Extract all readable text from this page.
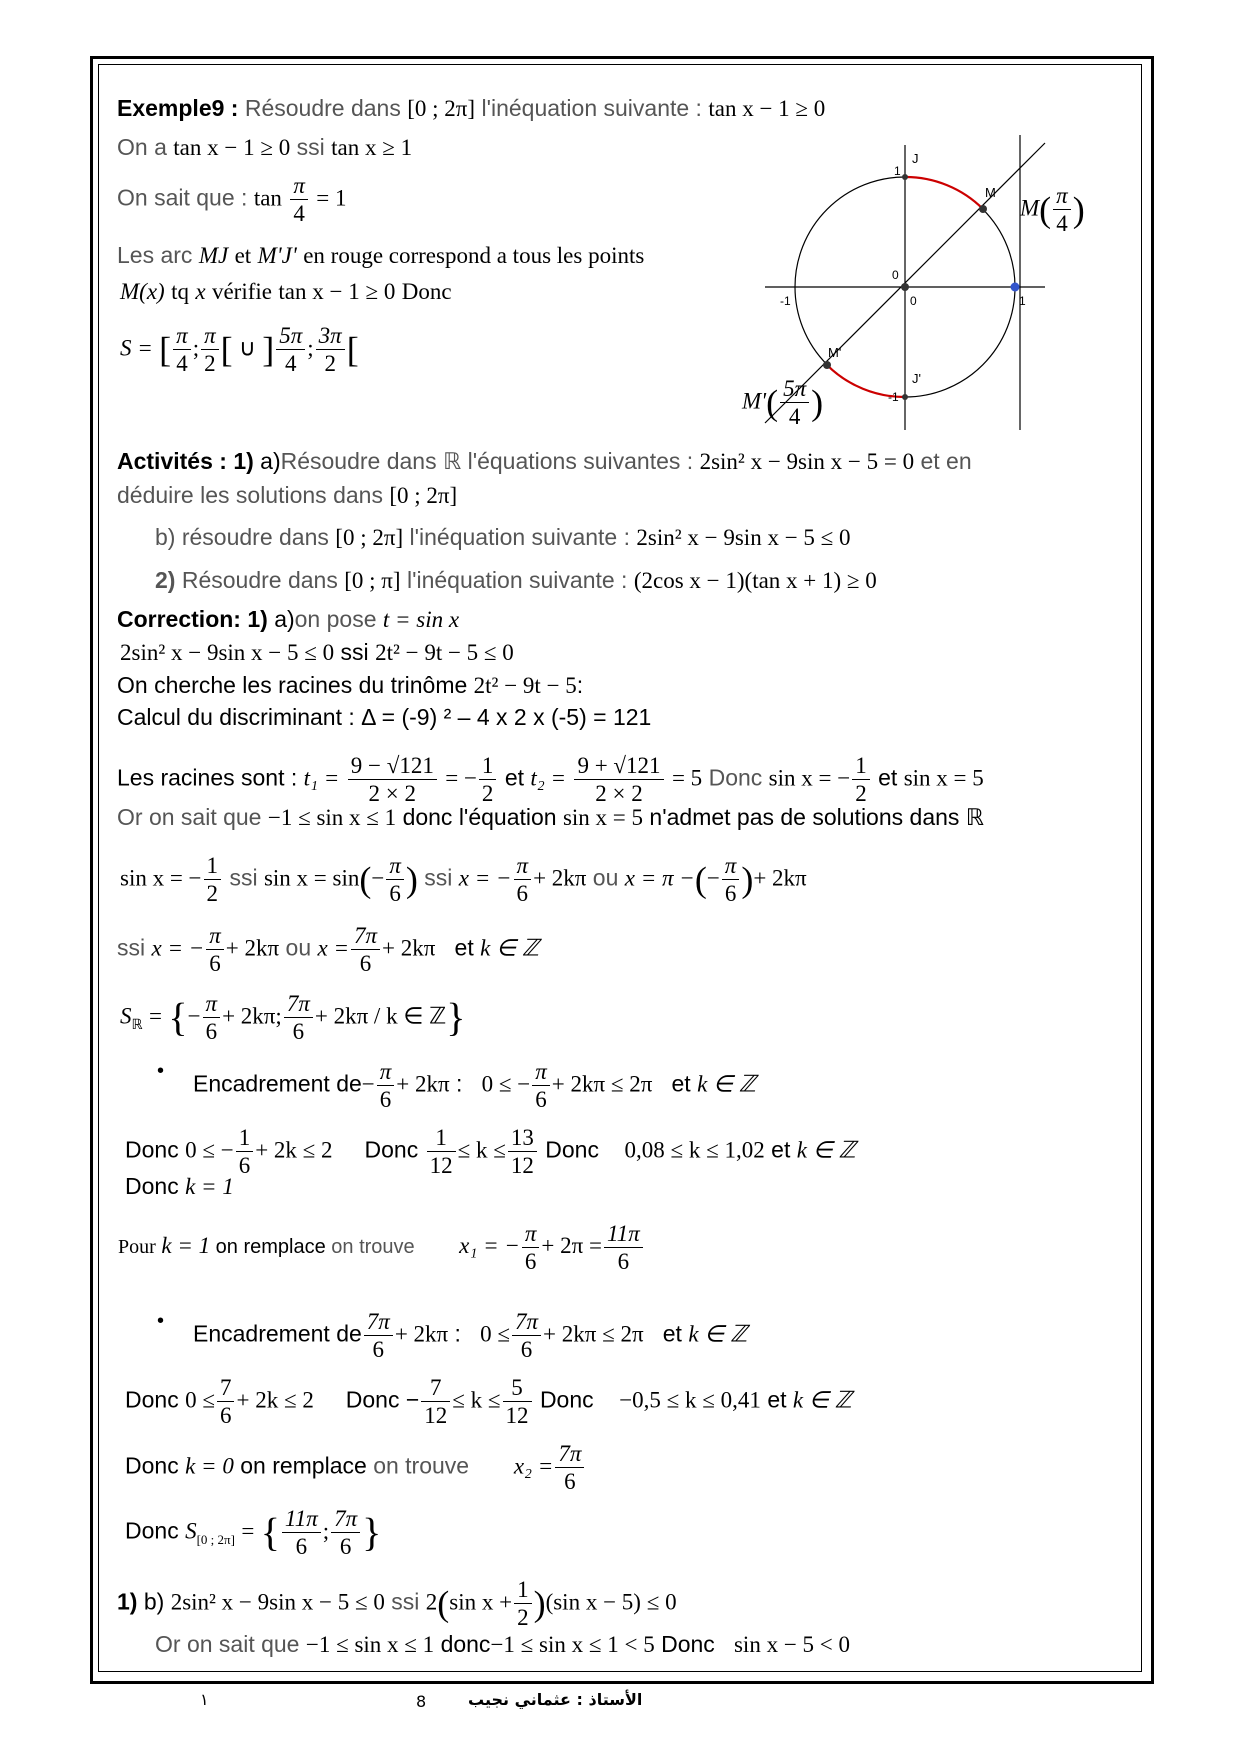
Exemple9 : Résoudre dans [0 ; 2π] l'inéquation suivante : tan x − 1 ≥ 0
On a tan x − 1 ≥ 0 ssi tan x ≥ 1
On sait que : $\tan \frac{\pi}{4} = 1$
Les arc MJ et M'J' en rouge correspond a tous les points
M(x) tq x vérifie tan x − 1 ≥ 0 Donc
S = [ $\frac{\pi}{4}$ ; $\frac{\pi}{2}$ [ ∪ ] $\frac{5\pi}{4}$ ; $\frac{3\pi}{2}$ [
J
1
J'
-1
M
M'
0
0
-1	1
$M( \frac{\pi}{4}$ )
$M'( \frac{5\pi}{4}$ )
Activités : 1) a)Résoudre dans ℝ l'équations suivantes : 2sin² x − 9sin x − 5 = 0 et en
déduire les solutions dans [0 ; 2π]
b) résoudre dans [0 ; 2π] l'inéquation suivante : 2sin² x − 9sin x − 5 ≤ 0
2) Résoudre dans [0 ; π] l'inéquation suivante : (2cos x − 1)(tan x + 1) ≥ 0
Correction: 1) a)on pose t = sin x
2sin² x − 9sin x − 5 ≤ 0 ssi 2t² − 9t − 5 ≤ 0
On cherche les racines du trinôme 2t² − 9t − 5:
Calcul du discriminant : Δ = (-9) ² – 4 x 2 x (-5) = 121
Les racines sont : $t_1 = \frac{9 - √121}{2 \times 2}$ = − $\frac{1}{2}$ et $t_2 = \frac{9 + √121}{2 \times 2} = 5$ Donc sin x = − $\frac{1}{2}$ et sin x = 5
Or on sait que −1 ≤ sin x ≤ 1 donc l'équation sin x = 5 n'admet pas de solutions dans ℝ
sin x = − $\frac{1}{2}$ ssi $\sin x = \sin(- \frac{\pi}{6}$ ) ssi x = − $\frac{\pi}{6} + 2k\pi$ ou x = π −(− $\frac{\pi}{6}$ )+ 2kπ
ssi x = − $\frac{\pi}{6} + 2k\pi$ ou $x = \frac{7\pi}{6} + 2k\pi$ et k ∈ ℤ
$S_ℝ$ = {− $\frac{\pi}{6} + 2k\pi$; $\frac{7\pi}{6} + 2k\pi / k$ ∈ ℤ}
• Encadrement $de- \frac{\pi}{6} + 2k\pi$ : 0 ≤ − $\frac{\pi}{6} + 2k\pi \le 2\pi$ et k ∈ ℤ
Donc 0 ≤ − $\frac{1}{6} + 2k \le 2$ Donc $\frac{1}{12} \le k \le \frac{13}{12}$ Donc 0,08 ≤ k ≤ 1,02 et k ∈ ℤ
Donc k = 1
Pour k = 1 on remplace on trouve x₁ = − $\frac{\pi}{6} + 2\pi = \frac{11\pi}{6}$
• Encadrement de $\frac{7\pi}{6} + 2k\pi$ : $0 \le \frac{7\pi}{6} + 2k\pi \le 2\pi$ et k ∈ ℤ
Donc $0 \le \frac{7}{6} + 2k \le 2$ Donc − $\frac{7}{12} \le k \le \frac{5}{12}$ Donc −0,5 ≤ k ≤ 0,41 et k ∈ ℤ
Donc k = 0 on remplace on trouve $x_2 = \frac{7\pi}{6}$
Donc $S_{[0 ; 2\pi]}$ = { $\frac{11\pi}{6}$ ; $\frac{7\pi}{6}$ }
1) b) 2sin² x − 9sin x − 5 ≤ 0 ssi 2(sin $x + \frac{1}{2} )(\sin$ x − 5) ≤ 0
Or on sait que −1 ≤ sin x ≤ 1 donc−1 ≤ sin x ≤ 1 < 5 Donc sin x − 5 < 0
١	8	الأستاذ : عثماني نجيب
